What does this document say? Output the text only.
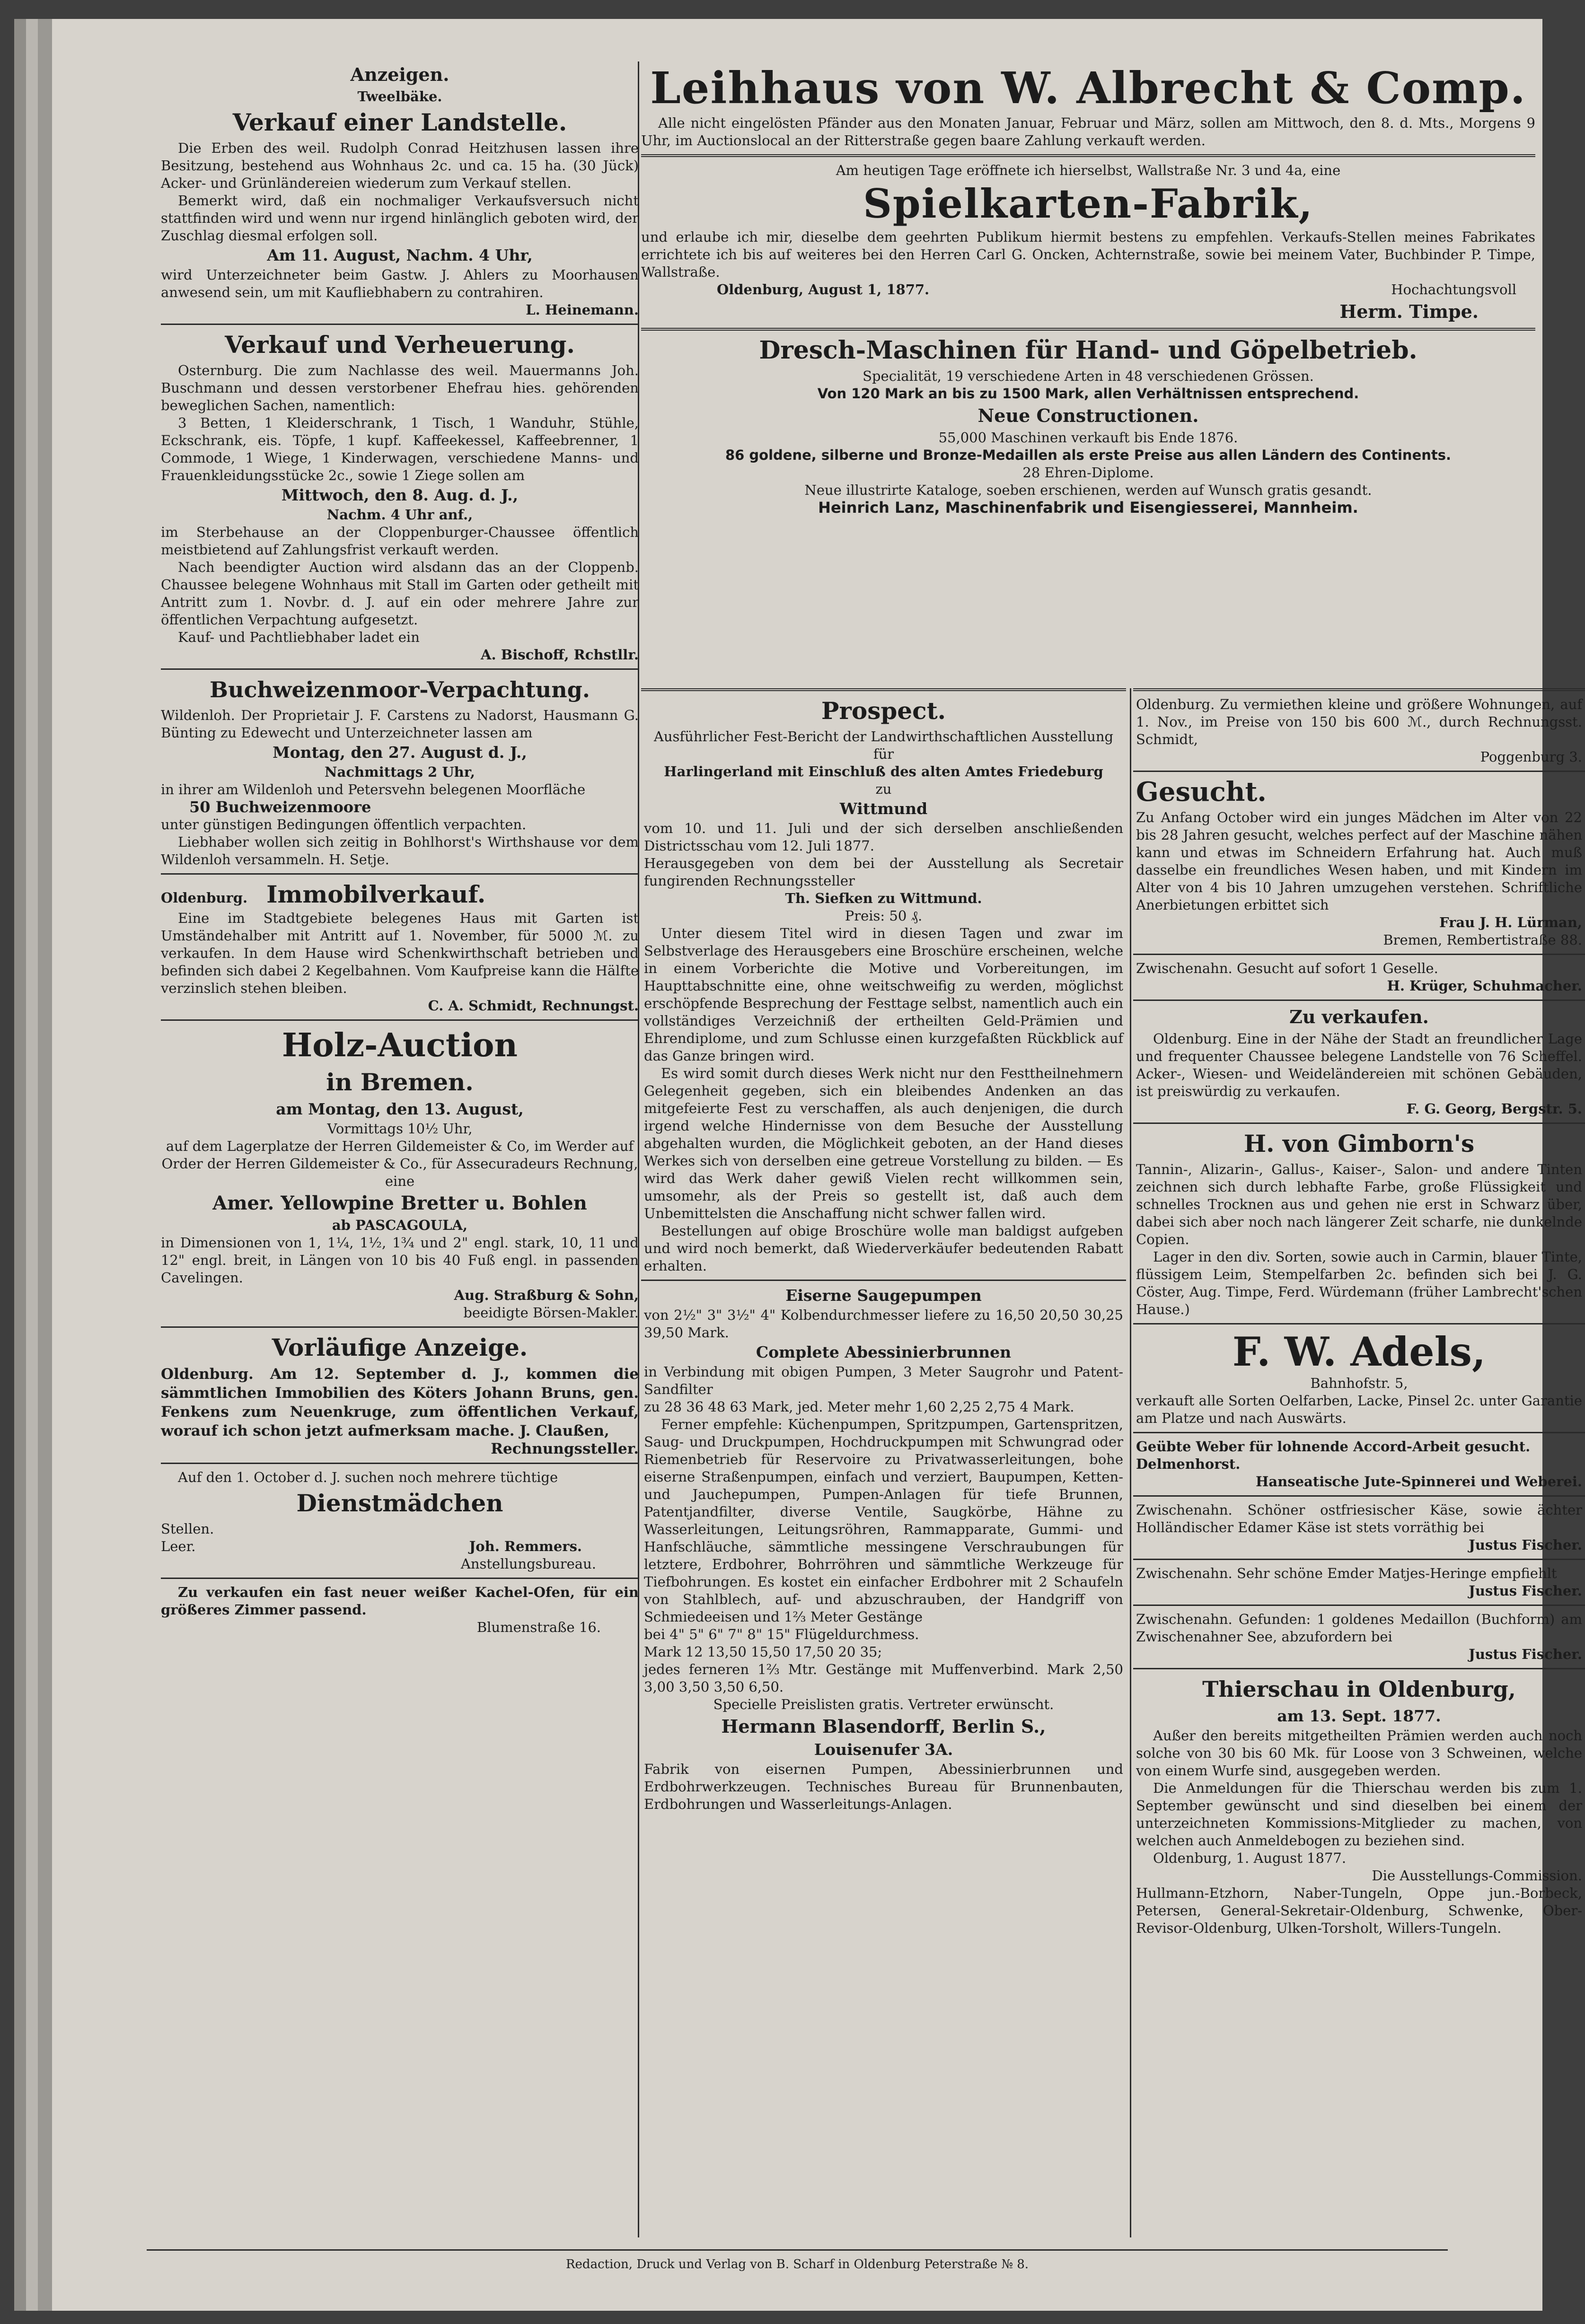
Anzeigen.

Tweelbäke.

Verkauf einer Landstelle.

Die Erben des weil. Rudolph Conrad Heitzhusen lassen ihre Besitzung, bestehend aus Wohnhaus 2c. und ca. 15 ha. (30 Jück) Acker- und Grünländereien wiederum zum Verkauf stellen.

Bemerkt wird, daß ein nochmaliger Verkaufsversuch nicht stattfinden wird und wenn nur irgend hinlänglich geboten wird, der Zuschlag diesmal erfolgen soll.

Am 11. August, Nachm. 4 Uhr,

wird Unterzeichneter beim Gastw. J. Ahlers zu Moorhausen anwesend sein, um mit Kaufliebhabern zu contrahiren.

L. Heinemann.

Verkauf und Verheuerung.

Osternburg. Die zum Nachlasse des weil. Mauermanns Joh. Buschmann und dessen verstorbener Ehefrau hies. gehörenden beweglichen Sachen, namentlich:

3 Betten, 1 Kleiderschrank, 1 Tisch, 1 Wanduhr, Stühle, Eckschrank, eis. Töpfe, 1 kupf. Kaffeekessel, Kaffeebrenner, 1 Commode, 1 Wiege, 1 Kinderwagen, verschiedene Manns- und Frauenkleidungsstücke 2c., sowie 1 Ziege sollen am

Mittwoch, den 8. Aug. d. J.,

Nachm. 4 Uhr anf.,

im Sterbehause an der Cloppenburger-Chaussee öffentlich meistbietend auf Zahlungsfrist verkauft werden.

Nach beendigter Auction wird alsdann das an der Cloppenb. Chaussee belegene Wohnhaus mit Stall im Garten oder getheilt mit Antritt zum 1. Novbr. d. J. auf ein oder mehrere Jahre zur öffentlichen Verpachtung aufgesetzt.

Kauf- und Pachtliebhaber ladet ein

A. Bischoff, Rchstllr.

Buchweizenmoor-Verpachtung.

Wildenloh. Der Proprietair J. F. Carstens zu Nadorst, Hausmann G. Bünting zu Edewecht und Unterzeichneter lassen am

Montag, den 27. August d. J.,

Nachmittags 2 Uhr,

in ihrer am Wildenloh und Petersvehn belegenen Moorfläche

50 Buchweizenmoore

unter günstigen Bedingungen öffentlich verpachten.

Liebhaber wollen sich zeitig in Bohlhorst's Wirthshause vor dem Wildenloh versammeln. H. Setje.

Oldenburg. Immobilverkauf.

Eine im Stadtgebiete belegenes Haus mit Garten ist Umständehalber mit Antritt auf 1. November, für 5000 ℳ. zu verkaufen. In dem Hause wird Schenkwirthschaft betrieben und befinden sich dabei 2 Kegelbahnen. Vom Kaufpreise kann die Hälfte verzinslich stehen bleiben.

C. A. Schmidt, Rechnungst.

Holz-Auction

in Bremen.

am Montag, den 13. August,

Vormittags 10½ Uhr,

auf dem Lagerplatze der Herren Gildemeister & Co, im Werder auf Order der Herren Gildemeister & Co., für Assecuradeurs Rechnung, eine

Amer. Yellowpine Bretter u. Bohlen

ab PASCAGOULA,

in Dimensionen von 1, 1¼, 1½, 1¾ und 2" engl. stark, 10, 11 und 12" engl. breit, in Längen von 10 bis 40 Fuß engl. in passenden Cavelingen.

Aug. Straßburg & Sohn,

beeidigte Börsen-Makler.

Vorläufige Anzeige.

Oldenburg. Am 12. September d. J., kommen die sämmtlichen Immobilien des Köters Johann Bruns, gen. Fenkens zum Neuenkruge, zum öffentlichen Verkauf, worauf ich schon jetzt aufmerksam mache. J. Claußen,

Rechnungssteller.

Auf den 1. October d. J. suchen noch mehrere tüchtige

Dienstmädchen

Stellen.

Leer.	Joh. Remmers.

Anstellungsbureau.

Zu verkaufen ein fast neuer weißer Kachel-Ofen, für ein größeres Zimmer passend.

Blumenstraße 16.

Leihhaus von W. Albrecht & Comp.

Alle nicht eingelösten Pfänder aus den Monaten Januar, Februar und März, sollen am Mittwoch, den 8. d. Mts., Morgens 9 Uhr, im Auctionslocal an der Ritterstraße gegen baare Zahlung verkauft werden.

Am heutigen Tage eröffnete ich hierselbst, Wallstraße Nr. 3 und 4a, eine

Spielkarten-Fabrik,

und erlaube ich mir, dieselbe dem geehrten Publikum hiermit bestens zu empfehlen. Verkaufs-Stellen meines Fabrikates errichtete ich bis auf weiteres bei den Herren Carl G. Oncken, Achternstraße, sowie bei meinem Vater, Buchbinder P. Timpe, Wallstraße.

Oldenburg, August 1, 1877.	Hochachtungsvoll

Herm. Timpe.

Dresch-Maschinen für Hand- und Göpelbetrieb.

Specialität, 19 verschiedene Arten in 48 verschiedenen Grössen.

Von 120 Mark an bis zu 1500 Mark, allen Verhältnissen entsprechend.

Neue Constructionen.

55,000 Maschinen verkauft bis Ende 1876.

86 goldene, silberne und Bronze-Medaillen als erste Preise aus allen Ländern des Continents.

28 Ehren-Diplome.

Neue illustrirte Kataloge, soeben erschienen, werden auf Wunsch gratis gesandt.

Heinrich Lanz, Maschinenfabrik und Eisengiesserei, Mannheim.

Prospect.

Ausführlicher Fest-Bericht der Landwirthschaftlichen Ausstellung

für

Harlingerland mit Einschluß des alten Amtes Friedeburg

zu

Wittmund

vom 10. und 11. Juli und der sich derselben anschließenden Districtsschau vom 12. Juli 1877.

Herausgegeben von dem bei der Ausstellung als Secretair fungirenden Rechnungssteller

Th. Siefken zu Wittmund.

Preis: 50 ₰.

Unter diesem Titel wird in diesen Tagen und zwar im Selbstverlage des Herausgebers eine Broschüre erscheinen, welche in einem Vorberichte die Motive und Vorbereitungen, im Haupttabschnitte eine, ohne weitschweifig zu werden, möglichst erschöpfende Besprechung der Festtage selbst, namentlich auch ein vollständiges Verzeichniß der ertheilten Geld-Prämien und Ehrendiplome, und zum Schlusse einen kurzgefaßten Rückblick auf das Ganze bringen wird.

Es wird somit durch dieses Werk nicht nur den Festtheilnehmern Gelegenheit gegeben, sich ein bleibendes Andenken an das mitgefeierte Fest zu verschaffen, als auch denjenigen, die durch irgend welche Hindernisse von dem Besuche der Ausstellung abgehalten wurden, die Möglichkeit geboten, an der Hand dieses Werkes sich von derselben eine getreue Vorstellung zu bilden. — Es wird das Werk daher gewiß Vielen recht willkommen sein, umsomehr, als der Preis so gestellt ist, daß auch dem Unbemittelsten die Anschaffung nicht schwer fallen wird.

Bestellungen auf obige Broschüre wolle man baldigst aufgeben und wird noch bemerkt, daß Wiederverkäufer bedeutenden Rabatt erhalten.

Eiserne Saugepumpen

von 2½" 3" 3½" 4" Kolbendurchmesser liefere zu 16,50 20,50 30,25 39,50 Mark.

Complete Abessinierbrunnen

in Verbindung mit obigen Pumpen, 3 Meter Saugrohr und Patent-Sandfilter

zu 28 36 48 63 Mark, jed. Meter mehr 1,60 2,25 2,75 4 Mark.

Ferner empfehle: Küchenpumpen, Spritzpumpen, Gartenspritzen, Saug- und Druckpumpen, Hochdruckpumpen mit Schwungrad oder Riemenbetrieb für Reservoire zu Privatwasserleitungen, bohe eiserne Straßenpumpen, einfach und verziert, Baupumpen, Ketten- und Jauchepumpen, Pumpen-Anlagen für tiefe Brunnen, Patentjandfilter, diverse Ventile, Saugkörbe, Hähne zu Wasserleitungen, Leitungsröhren, Rammapparate, Gummi- und Hanfschläuche, sämmtliche messingene Verschraubungen für letztere, Erdbohrer, Bohrröhren und sämmtliche Werkzeuge für Tiefbohrungen. Es kostet ein einfacher Erdbohrer mit 2 Schaufeln von Stahlblech, auf- und abzuschrauben, der Handgriff von Schmiedeeisen und 1⅔ Meter Gestänge

bei 4" 5" 6" 7" 8" 15" Flügeldurchmess.

Mark 12 13,50 15,50 17,50 20 35;

jedes ferneren 1⅔ Mtr. Gestänge mit Muffenverbind. Mark 2,50 3,00 3,50 3,50 6,50.

Specielle Preislisten gratis. Vertreter erwünscht.

Hermann Blasendorff, Berlin S.,

Louisenufer 3A.

Fabrik von eisernen Pumpen, Abessinierbrunnen und Erdbohrwerkzeugen. Technisches Bureau für Brunnenbauten, Erdbohrungen und Wasserleitungs-Anlagen.

Oldenburg. Zu vermiethen kleine und größere Wohnungen, auf 1. Nov., im Preise von 150 bis 600 ℳ., durch Rechnungsst. Schmidt,

Poggenburg 3.

Gesucht.

Zu Anfang October wird ein junges Mädchen im Alter von 22 bis 28 Jahren gesucht, welches perfect auf der Maschine nähen kann und etwas im Schneidern Erfahrung hat. Auch muß dasselbe ein freundliches Wesen haben, und mit Kindern im Alter von 4 bis 10 Jahren umzugehen verstehen. Schriftliche Anerbietungen erbittet sich

Frau J. H. Lürman,

Bremen, Rembertistraße 88.

Zwischenahn. Gesucht auf sofort 1 Geselle.

H. Krüger, Schuhmacher.

Zu verkaufen.

Oldenburg. Eine in der Nähe der Stadt an freundlicher Lage und frequenter Chaussee belegene Landstelle von 76 Scheffel. Acker-, Wiesen- und Weideländereien mit schönen Gebäuden, ist preiswürdig zu verkaufen.

F. G. Georg, Bergstr. 5.

H. von Gimborn's

Tannin-, Alizarin-, Gallus-, Kaiser-, Salon- und andere Tinten zeichnen sich durch lebhafte Farbe, große Flüssigkeit und schnelles Trocknen aus und gehen nie erst in Schwarz über, dabei sich aber noch nach längerer Zeit scharfe, nie dunkelnde Copien.

Lager in den div. Sorten, sowie auch in Carmin, blauer Tinte, flüssigem Leim, Stempelfarben 2c. befinden sich bei J. G. Cöster, Aug. Timpe, Ferd. Würdemann (früher Lambrecht'schen Hause.)

F. W. Adels,

Bahnhofstr. 5,

verkauft alle Sorten Oelfarben, Lacke, Pinsel 2c. unter Garantie am Platze und nach Auswärts.

Geübte Weber für lohnende Accord-Arbeit gesucht.

Delmenhorst.

Hanseatische Jute-Spinnerei und Weberei.

Zwischenahn. Schöner ostfriesischer Käse, sowie ächter Holländischer Edamer Käse ist stets vorräthig bei

Justus Fischer.

Zwischenahn. Sehr schöne Emder Matjes-Heringe empfiehlt

Justus Fischer.

Zwischenahn. Gefunden: 1 goldenes Medaillon (Buchform) am Zwischenahner See, abzufordern bei

Justus Fischer.

Thierschau in Oldenburg,

am 13. Sept. 1877.

Außer den bereits mitgetheilten Prämien werden auch noch solche von 30 bis 60 Mk. für Loose von 3 Schweinen, welche von einem Wurfe sind, ausgegeben werden.

Die Anmeldungen für die Thierschau werden bis zum 1. September gewünscht und sind dieselben bei einem der unterzeichneten Kommissions-Mitglieder zu machen, von welchen auch Anmeldebogen zu beziehen sind.

Oldenburg, 1. August 1877.

Die Ausstellungs-Commission.

Hullmann-Etzhorn, Naber-Tungeln, Oppe jun.-Borbeck, Petersen, General-Sekretair-Oldenburg, Schwenke, Ober-Revisor-Oldenburg, Ulken-Torsholt, Willers-Tungeln.

Redaction, Druck und Verlag von B. Scharf in Oldenburg Peterstraße № 8.
